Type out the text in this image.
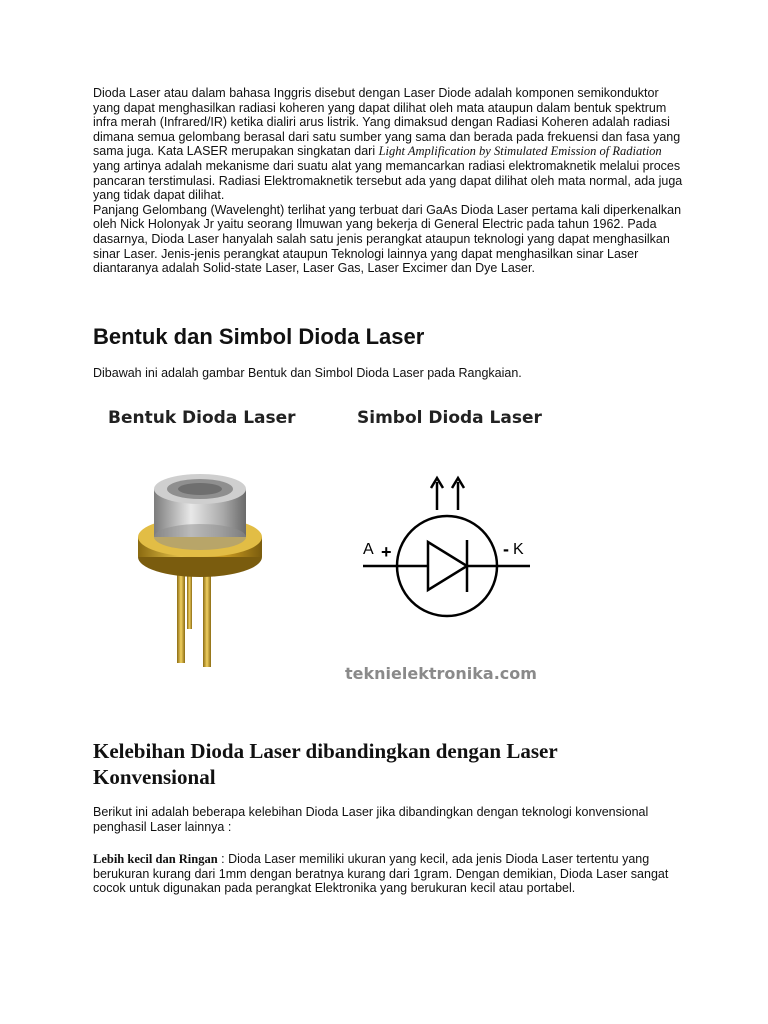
Dioda Laser atau dalam bahasa Inggris disebut dengan Laser Diode adalah komponen semikonduktor yang dapat menghasilkan radiasi koheren yang dapat dilihat oleh mata ataupun dalam bentuk spektrum infra merah (Infrared/IR) ketika dialiri arus listrik. Yang dimaksud dengan Radiasi Koheren adalah radiasi dimana semua gelombang berasal dari satu sumber yang sama dan berada pada frekuensi dan fasa yang sama juga. Kata LASER merupakan singkatan dari Light Amplification by Stimulated Emission of Radiation yang artinya adalah mekanisme dari suatu alat yang memancarkan radiasi elektromaknetik melalui proces pancaran terstimulasi. Radiasi Elektromaknetik tersebut ada yang dapat dilihat oleh mata normal, ada juga yang tidak dapat dilihat.

Panjang Gelombang (Wavelenght) terlihat yang terbuat dari GaAs Dioda Laser pertama kali diperkenalkan oleh Nick Holonyak Jr yaitu seorang Ilmuwan yang bekerja di General Electric pada tahun 1962. Pada dasarnya, Dioda Laser hanyalah salah satu jenis perangkat ataupun teknologi yang dapat menghasilkan sinar Laser. Jenis-jenis perangkat ataupun Teknologi lainnya yang dapat menghasilkan sinar Laser diantaranya adalah Solid-state Laser, Laser Gas, Laser Excimer dan Dye Laser.

Bentuk dan Simbol Dioda Laser

Dibawah ini adalah gambar Bentuk dan Simbol Dioda Laser pada Rangkaian.

Bentuk Dioda Laser	Simbol Dioda Laser
A +	- K
teknielektronika.com
Kelebihan Dioda Laser dibandingkan dengan Laser Konvensional

Berikut ini adalah beberapa kelebihan Dioda Laser jika dibandingkan dengan teknologi konvensional penghasil Laser lainnya :

Lebih kecil dan Ringan : Dioda Laser memiliki ukuran yang kecil, ada jenis Dioda Laser tertentu yang berukuran kurang dari 1mm dengan beratnya kurang dari 1gram. Dengan demikian, Dioda Laser sangat cocok untuk digunakan pada perangkat Elektronika yang berukuran kecil atau portabel.
